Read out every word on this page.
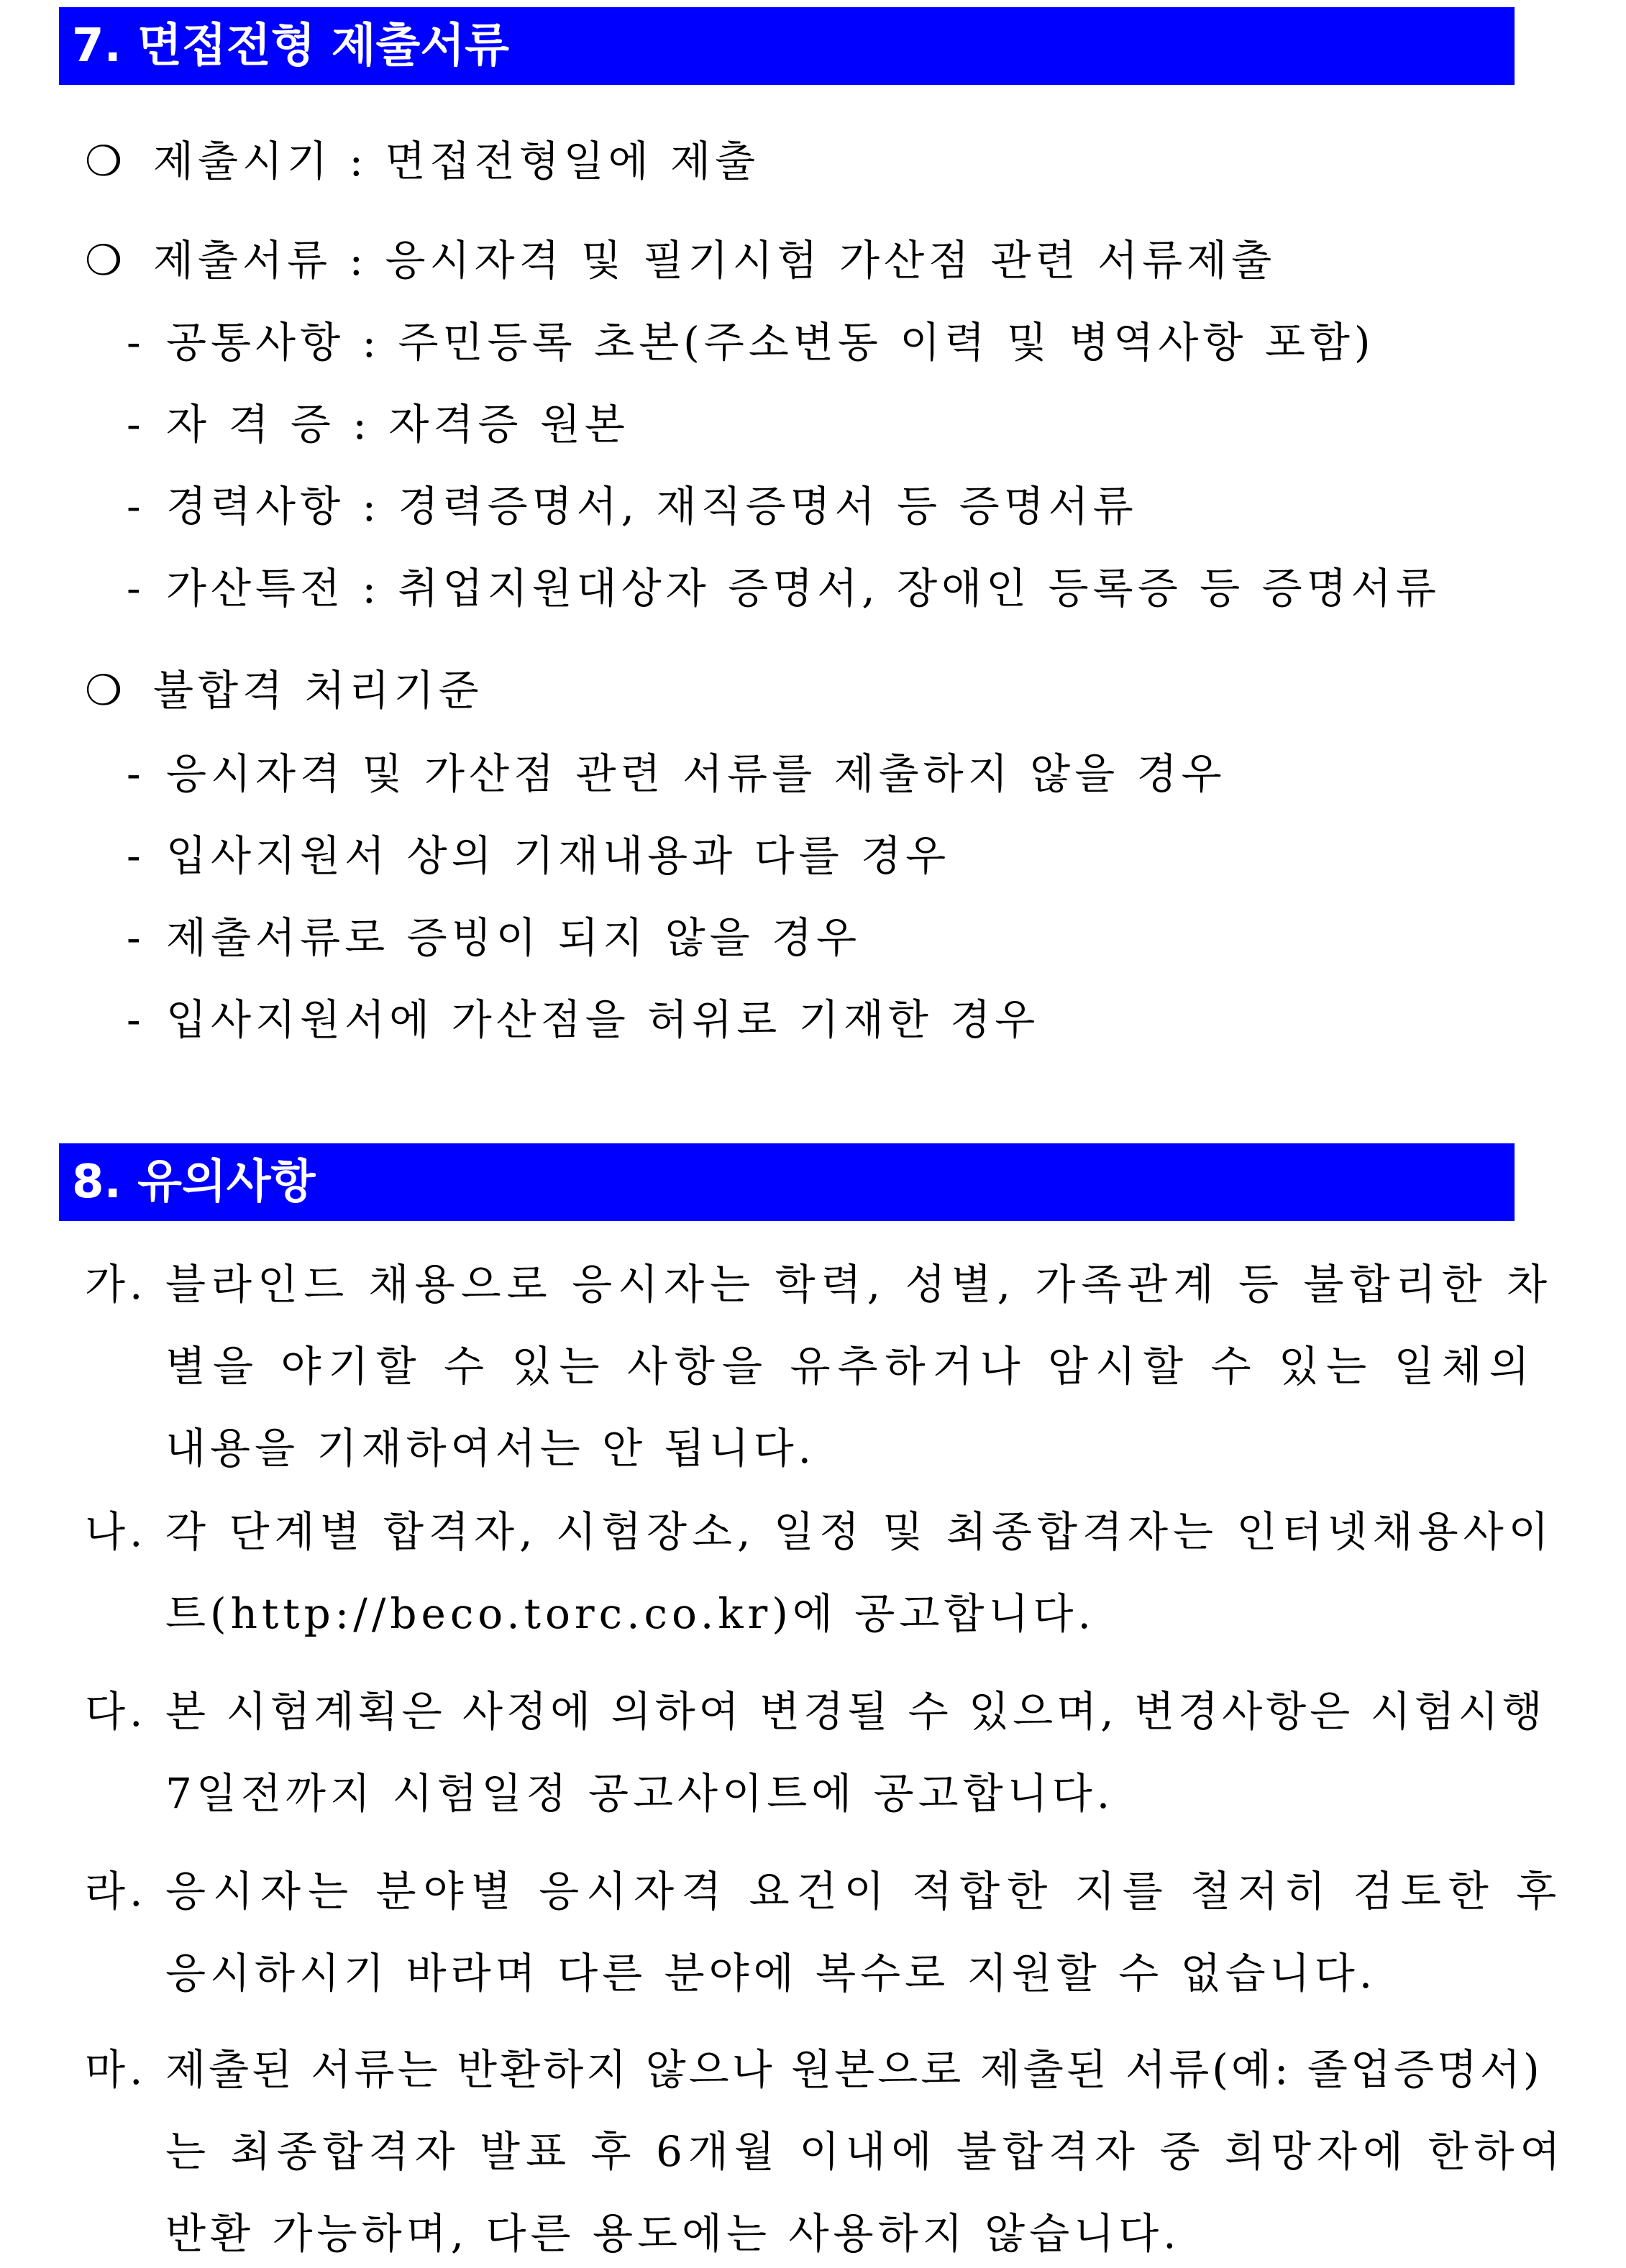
7. 면접전형 제출서류
❍ 제출시기 : 면접전형일에 제출
❍ 제출서류 : 응시자격 및 필기시험 가산점 관련 서류제출
- 공통사항 : 주민등록 초본(주소변동 이력 및 병역사항 포함)
- 자 격 증 : 자격증 원본
- 경력사항 : 경력증명서, 재직증명서 등 증명서류
- 가산특전 : 취업지원대상자 증명서, 장애인 등록증 등 증명서류
❍ 불합격 처리기준
- 응시자격 및 가산점 관련 서류를 제출하지 않을 경우
- 입사지원서 상의 기재내용과 다를 경우
- 제출서류로 증빙이 되지 않을 경우
- 입사지원서에 가산점을 허위로 기재한 경우
8. 유의사항
가. 블라인드 채용으로 응시자는 학력, 성별, 가족관계 등 불합리한 차
별을 야기할 수 있는 사항을 유추하거나 암시할 수 있는 일체의
내용을 기재하여서는 안 됩니다.
나. 각 단계별 합격자, 시험장소, 일정 및 최종합격자는 인터넷채용사이
트(http://beco.torc.co.kr)에 공고합니다.
다. 본 시험계획은 사정에 의하여 변경될 수 있으며, 변경사항은 시험시행
7일전까지 시험일정 공고사이트에 공고합니다.
라. 응시자는 분야별 응시자격 요건이 적합한 지를 철저히 검토한 후
응시하시기 바라며 다른 분야에 복수로 지원할 수 없습니다.
마. 제출된 서류는 반환하지 않으나 원본으로 제출된 서류(예: 졸업증명서)
는 최종합격자 발표 후 6개월 이내에 불합격자 중 희망자에 한하여
반환 가능하며, 다른 용도에는 사용하지 않습니다.
